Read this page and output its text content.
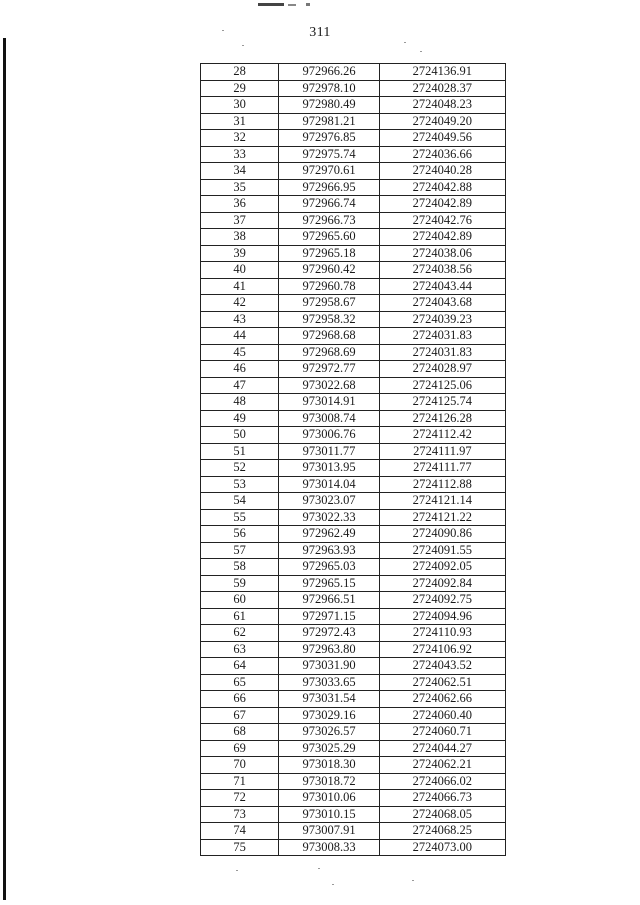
311
28	972966.26	2724136.91
29	972978.10	2724028.37
30	972980.49	2724048.23
31	972981.21	2724049.20
32	972976.85	2724049.56
33	972975.74	2724036.66
34	972970.61	2724040.28
35	972966.95	2724042.88
36	972966.74	2724042.89
37	972966.73	2724042.76
38	972965.60	2724042.89
39	972965.18	2724038.06
40	972960.42	2724038.56
41	972960.78	2724043.44
42	972958.67	2724043.68
43	972958.32	2724039.23
44	972968.68	2724031.83
45	972968.69	2724031.83
46	972972.77	2724028.97
47	973022.68	2724125.06
48	973014.91	2724125.74
49	973008.74	2724126.28
50	973006.76	2724112.42
51	973011.77	2724111.97
52	973013.95	2724111.77
53	973014.04	2724112.88
54	973023.07	2724121.14
55	973022.33	2724121.22
56	972962.49	2724090.86
57	972963.93	2724091.55
58	972965.03	2724092.05
59	972965.15	2724092.84
60	972966.51	2724092.75
61	972971.15	2724094.96
62	972972.43	2724110.93
63	972963.80	2724106.92
64	973031.90	2724043.52
65	973033.65	2724062.51
66	973031.54	2724062.66
67	973029.16	2724060.40
68	973026.57	2724060.71
69	973025.29	2724044.27
70	973018.30	2724062.21
71	973018.72	2724066.02
72	973010.06	2724066.73
73	973010.15	2724068.05
74	973007.91	2724068.25
75	973008.33	2724073.00
